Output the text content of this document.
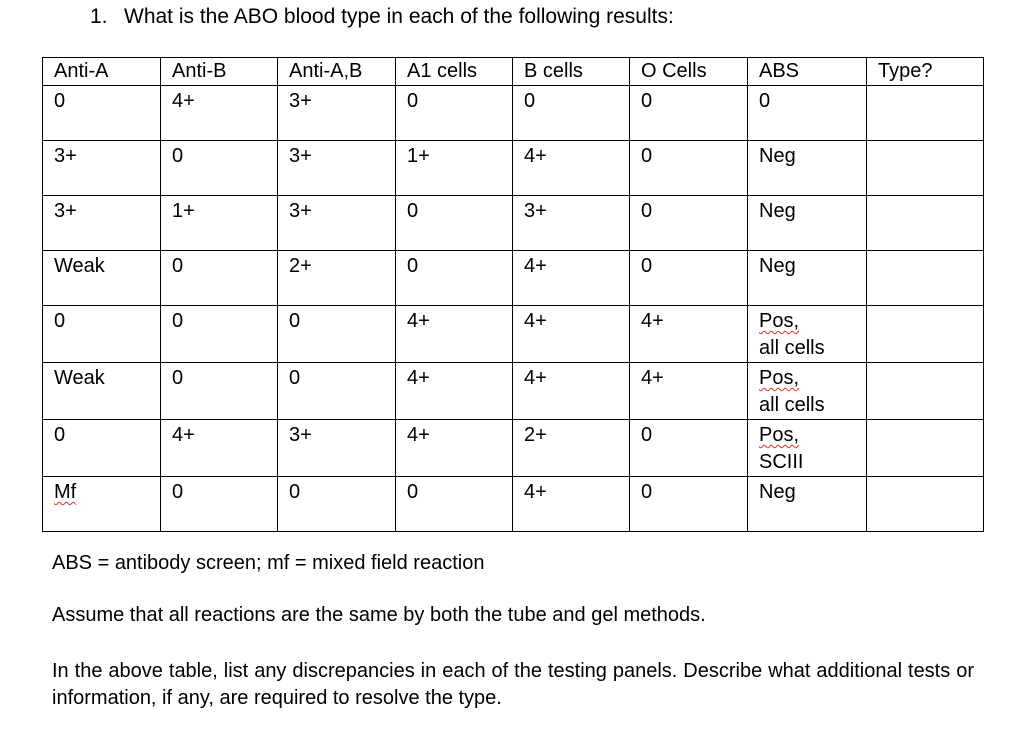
1. What is the ABO blood type in each of the following results:
Anti-A	Anti-B	Anti-A,B	A1 cells	B cells	O Cells	ABS	Type?
0	4+	3+	0	0	0	0	
3+	0	3+	1+	4+	0	Neg	
3+	1+	3+	0	3+	0	Neg	
Weak	0	2+	0	4+	0	Neg	
0	0	0	4+	4+	4+	Pos,
all cells	
Weak	0	0	4+	4+	4+	Pos,
all cells	
0	4+	3+	4+	2+	0	Pos,
SCIII	
Mf	0	0	0	4+	0	Neg	
ABS = antibody screen; mf = mixed field reaction
Assume that all reactions are the same by both the tube and gel methods.
In the above table, list any discrepancies in each of the testing panels. Describe what additional tests or information, if any, are required to resolve the type.
